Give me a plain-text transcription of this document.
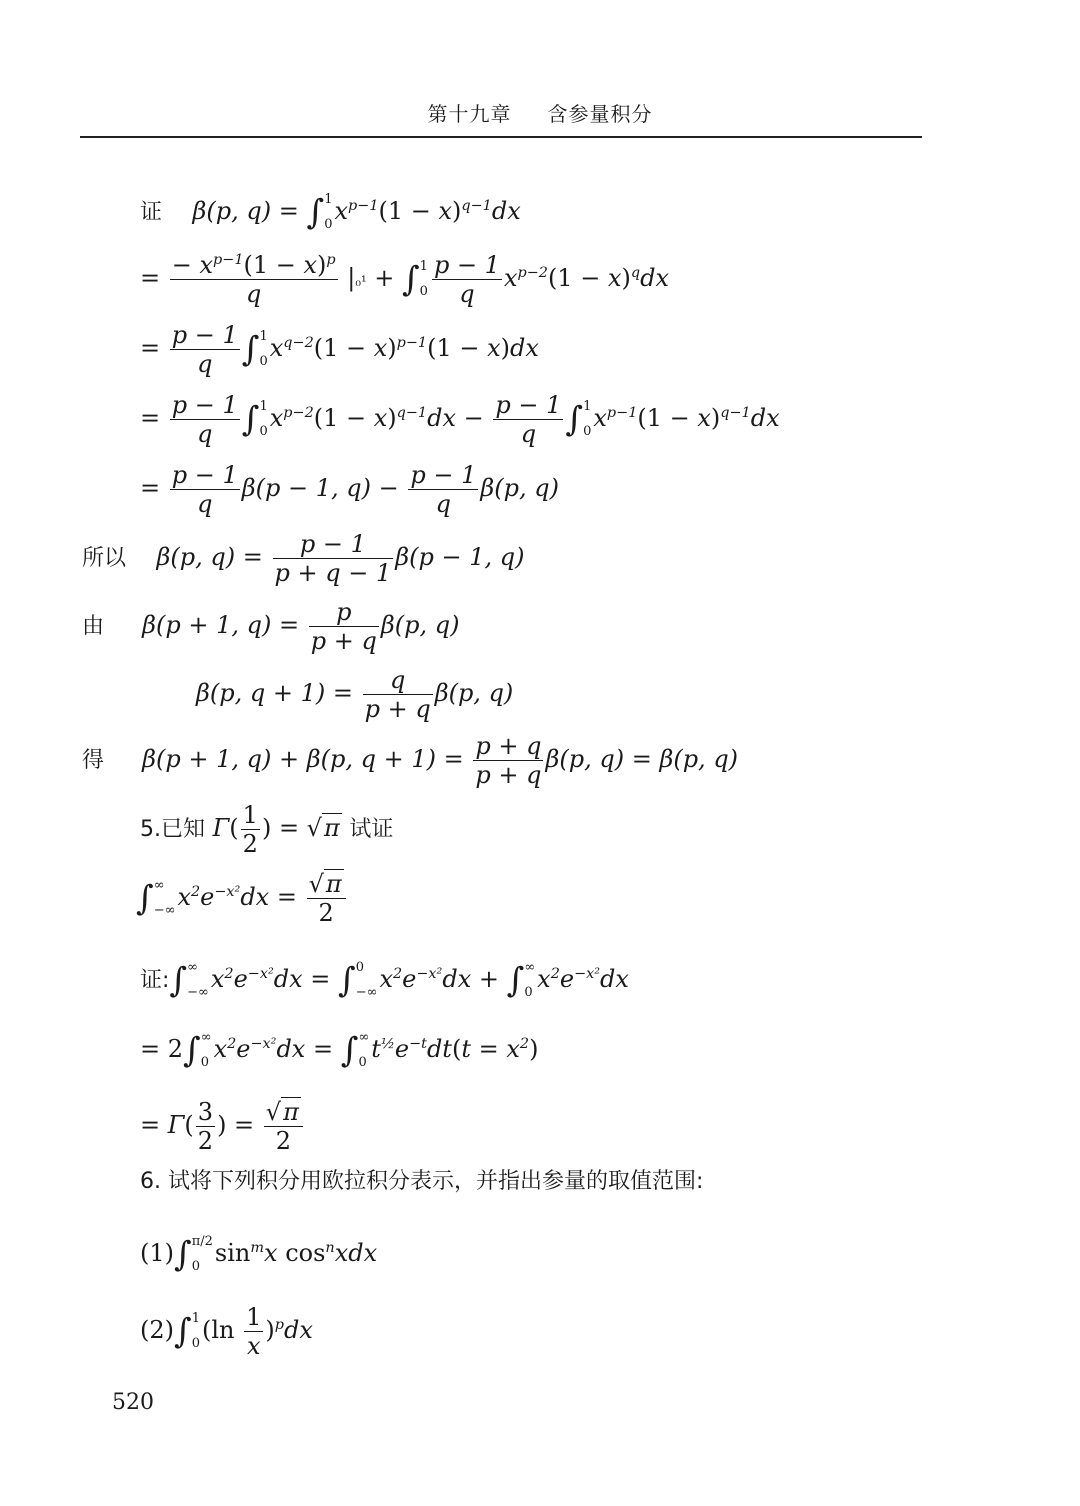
第十九章 含参量积分
证 β(p, q) = ∫ 1
0 $x^{p-1}(1 - x)^{q-1}dx$
= $\frac{- x^{p-1}(1 - x)^p}{q} |_0^1$ + ∫ 1
$0 \frac{p - 1}{q} x^{p-2}(1 - x)^qdx$
= $\frac{p - 1}{q}$ ∫ 1
0 $x^{q-2}(1 - x)^{p-1}(1 - x)dx$
= $\frac{p - 1}{q}$ ∫ 1
0 $x^{p-2}(1 - x)^{q-1}dx - \frac{p - 1}{q}$ ∫ 1
0 $x^{p-1}(1 - x)^{q-1}dx$
= $\frac{p - 1}{q} \beta(p - 1$, $q) - \frac{p - 1}{q} \beta(p$, q)
所以 β(p, $q) = \frac{p - 1}{p + q - 1} \beta(p - 1$, q)
由 β(p + 1, $q) = \frac{p}{p + q} \beta(p$, q)
β(p, $q + 1) = \frac{q}{p + q} \beta(p$, q)
得 β(p + 1, q) + β(p, $q + 1) = \frac{p + q}{p + q} \beta(p$, q) = β(p, q)
5.已知 $\Gamma( \frac{1}{2}$ ) = √π 试证
∫ ∞
−∞ $x^2e^{-x^2}dx = \frac{√\pi}{2}$
证:∫ ∞
−∞ $x^2e^{-x^2}dx$ = ∫ 0
−∞ $x^2e^{-x^2}dx$ + ∫ ∞
0 $x^2e^{-x^2}dx$
= 2∫ ∞
0 $x^2e^{-x^2}dx$ = ∫ ∞
0 $t^{\frac{1}{2}}e^{-t}dt(t = x^2)$
= $\Gamma( \frac{3}{2}$ ) = $\frac{√\pi}{2}$
6. 试将下列积分用欧拉积分表示，并指出参量的取值范围:
(1)∫ π/2
0 $\sin^mx$ $\cos^nxdx$
(2)∫ 1
0 $(\ln \frac{1}{x} )^pdx$
520
